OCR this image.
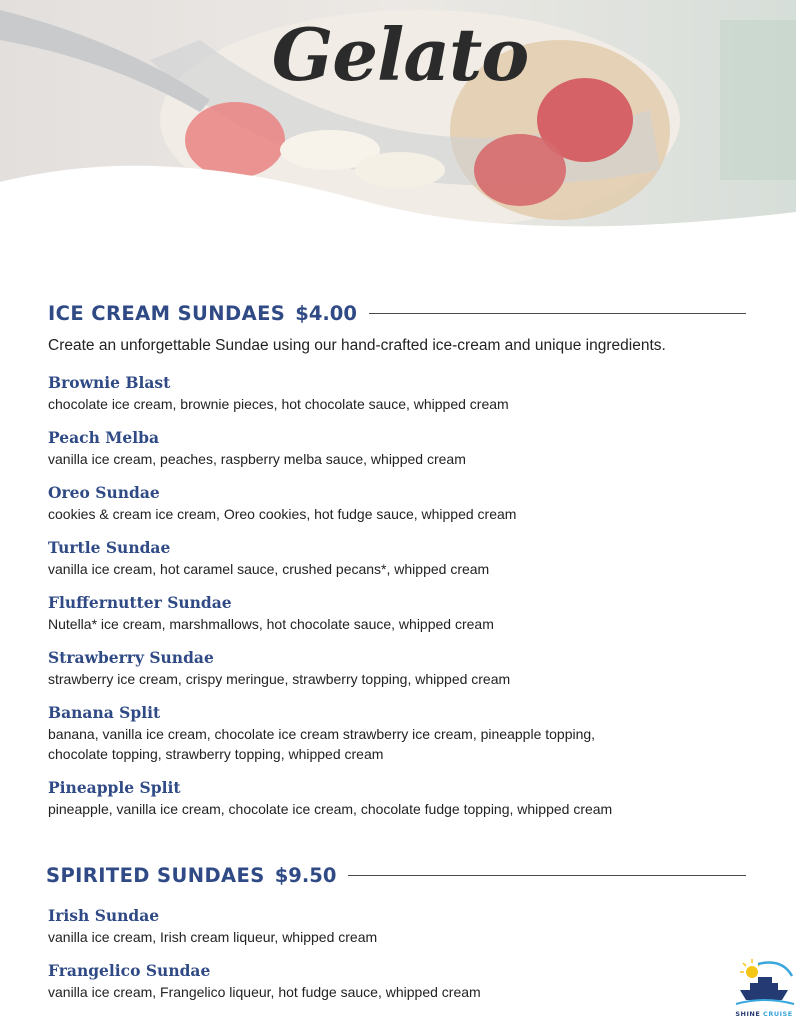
Gelato
ICE CREAM SUNDAES $4.00
Create an unforgettable Sundae using our hand-crafted ice-cream and unique ingredients.
Brownie Blast
chocolate ice cream, brownie pieces, hot chocolate sauce, whipped cream
Peach Melba
vanilla ice cream, peaches, raspberry melba sauce, whipped cream
Oreo Sundae
cookies & cream ice cream, Oreo cookies, hot fudge sauce, whipped cream
Turtle Sundae
vanilla ice cream, hot caramel sauce, crushed pecans*, whipped cream
Fluffernutter Sundae
Nutella* ice cream, marshmallows, hot chocolate sauce, whipped cream
Strawberry Sundae
strawberry ice cream, crispy meringue, strawberry topping, whipped cream
Banana Split
banana, vanilla ice cream, chocolate ice cream strawberry ice cream, pineapple topping, chocolate topping, strawberry topping, whipped cream
Pineapple Split
pineapple, vanilla ice cream, chocolate ice cream, chocolate fudge topping, whipped cream
SPIRITED SUNDAES $9.50
Irish Sundae
vanilla ice cream, Irish cream liqueur, whipped cream
Frangelico Sundae
vanilla ice cream, Frangelico liqueur, hot fudge sauce, whipped cream
SHINE CRUISE
